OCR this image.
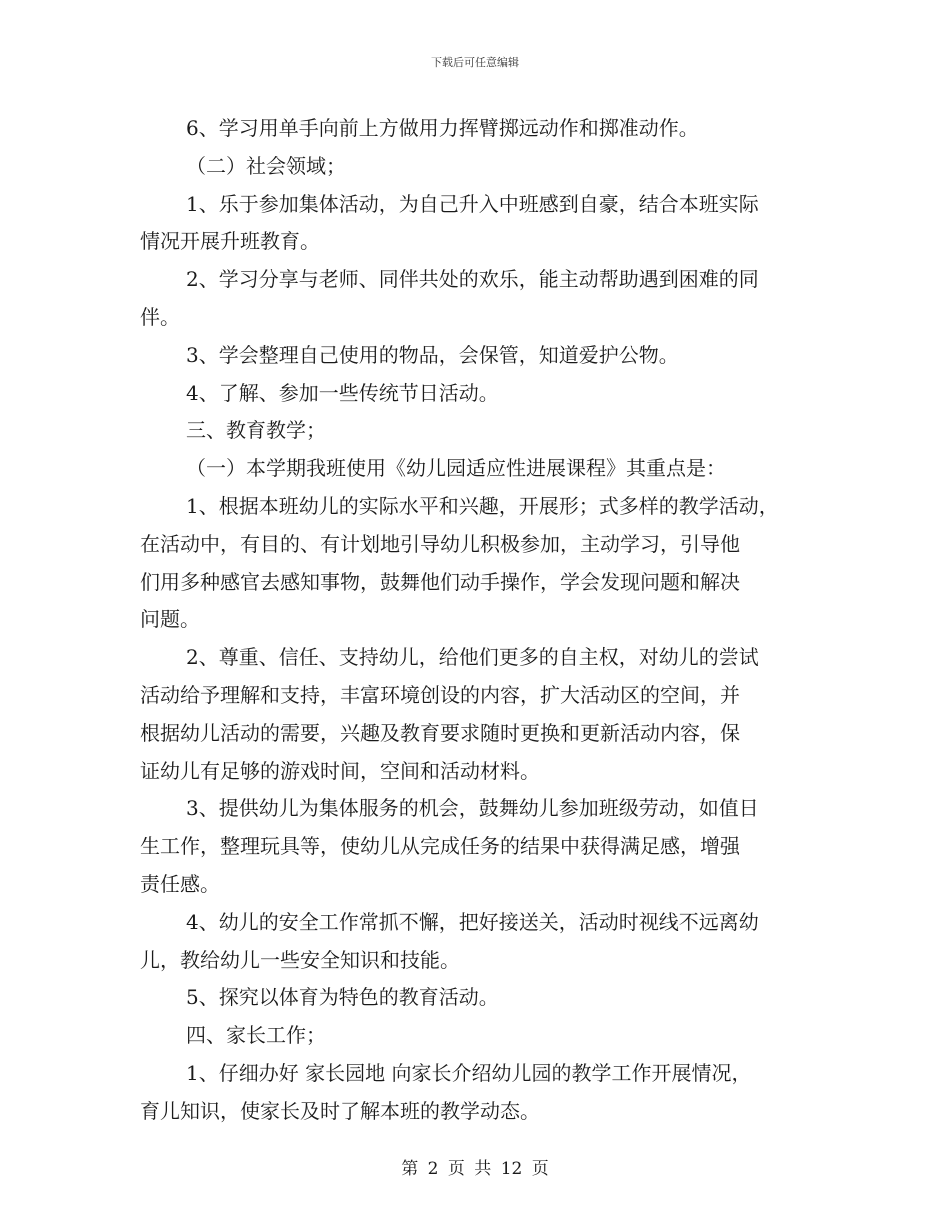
下载后可任意编辑
6、学习用单手向前上方做用力挥臂掷远动作和掷准动作。
（二）社会领域；
1、乐于参加集体活动，为自己升入中班感到自豪，结合本班实际
情况开展升班教育。
2、学习分享与老师、同伴共处的欢乐，能主动帮助遇到困难的同
伴。
3、学会整理自己使用的物品，会保管，知道爱护公物。
4、了解、参加一些传统节日活动。
三、教育教学；
（一）本学期我班使用《幼儿园适应性进展课程》其重点是：
1、根据本班幼儿的实际水平和兴趣，开展形；式多样的教学活动，
在活动中，有目的、有计划地引导幼儿积极参加，主动学习，引导他
们用多种感官去感知事物，鼓舞他们动手操作，学会发现问题和解决
问题。
2、尊重、信任、支持幼儿，给他们更多的自主权，对幼儿的尝试
活动给予理解和支持，丰富环境创设的内容，扩大活动区的空间，并
根据幼儿活动的需要，兴趣及教育要求随时更换和更新活动内容，保
证幼儿有足够的游戏时间，空间和活动材料。
3、提供幼儿为集体服务的机会，鼓舞幼儿参加班级劳动，如值日
生工作，整理玩具等，使幼儿从完成任务的结果中获得满足感，增强
责任感。
4、幼儿的安全工作常抓不懈，把好接送关，活动时视线不远离幼
儿，教给幼儿一些安全知识和技能。
5、探究以体育为特色的教育活动。
四、家长工作；
1、仔细办好 家长园地 向家长介绍幼儿园的教学工作开展情况，
育儿知识，使家长及时了解本班的教学动态。
第 2 页 共 12 页
